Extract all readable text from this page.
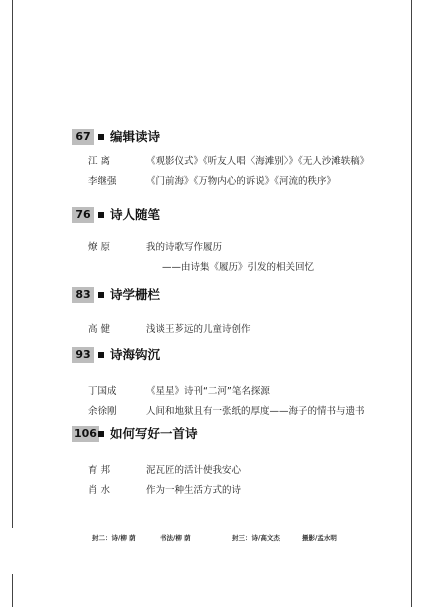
67 编辑读诗
江 离	《观影仪式》《听友人唱〈海滩别〉》《无人沙滩轶稿》
李继强	《门前海》《万物内心的诉说》《河流的秩序》
76 诗人随笔
燎 原	我的诗歌写作履历
——由诗集《履历》引发的相关回忆
83 诗学栅栏
高 健	浅谈王芗远的儿童诗创作
93 诗海钩沉
丁国成	《星星》诗刊“二河”笔名探源
余徐刚	人间和地狱且有一张纸的厚度——海子的情书与遗书
106 如何写好一首诗
育 邦	泥瓦匠的活计使我安心
肖 水	作为一种生活方式的诗
封二：诗/柳 荫	书法/柳 荫	封三：诗/高文杰	摄影/孟水明
